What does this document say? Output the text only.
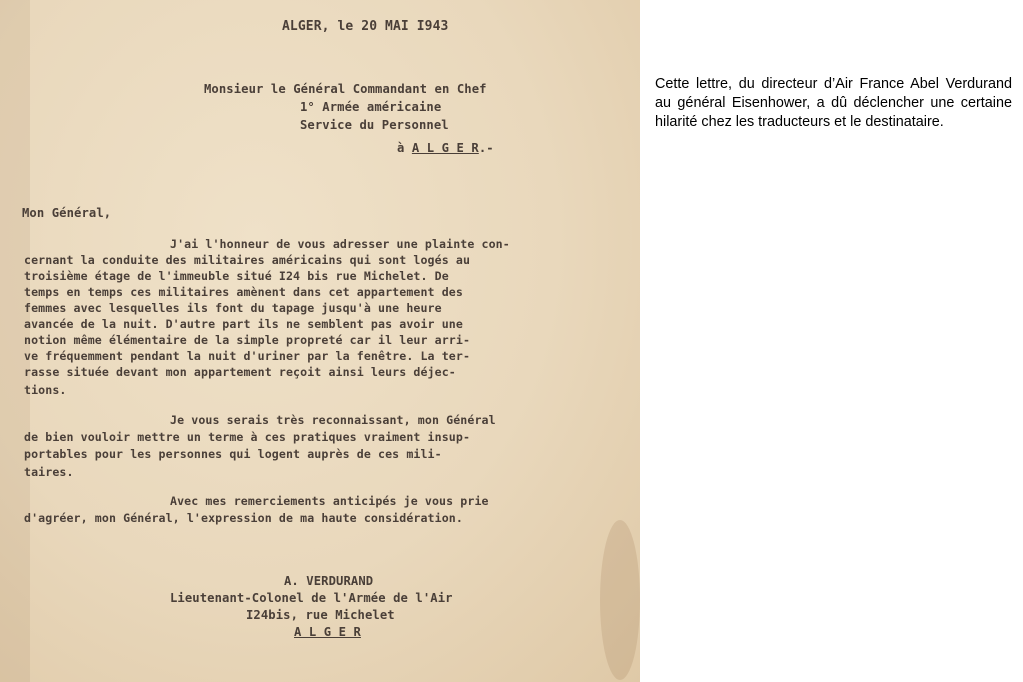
ALGER, le 20 MAI I943
Monsieur le Général Commandant en Chef
1° Armée américaine
Service du Personnel
à A L G E R.-
Mon Général,
J'ai l'honneur de vous adresser une plainte con-
cernant la conduite des militaires américains qui sont logés au
troisième étage de l'immeuble situé I24 bis rue Michelet. De
temps en temps ces militaires amènent dans cet appartement des
femmes avec lesquelles ils font du tapage jusqu'à une heure
avancée de la nuit. D'autre part ils ne semblent pas avoir une
notion même élémentaire de la simple propreté car il leur arri-
ve fréquemment pendant la nuit d'uriner par la fenêtre. La ter-
rasse située devant mon appartement reçoit ainsi leurs déjec-
tions.
Je vous serais très reconnaissant, mon Général
de bien vouloir mettre un terme à ces pratiques vraiment insup-
portables pour les personnes qui logent auprès de ces mili-
taires.
Avec mes remerciements anticipés je vous prie
d'agréer, mon Général, l'expression de ma haute considération.
A. VERDURAND
Lieutenant-Colonel de l'Armée de l'Air
I24bis, rue Michelet
A L G E R
Cette lettre, du directeur d’Air France Abel Verdurand au général Eisenhower, a dû déclencher une certaine hilarité chez les traducteurs et le destinataire.
